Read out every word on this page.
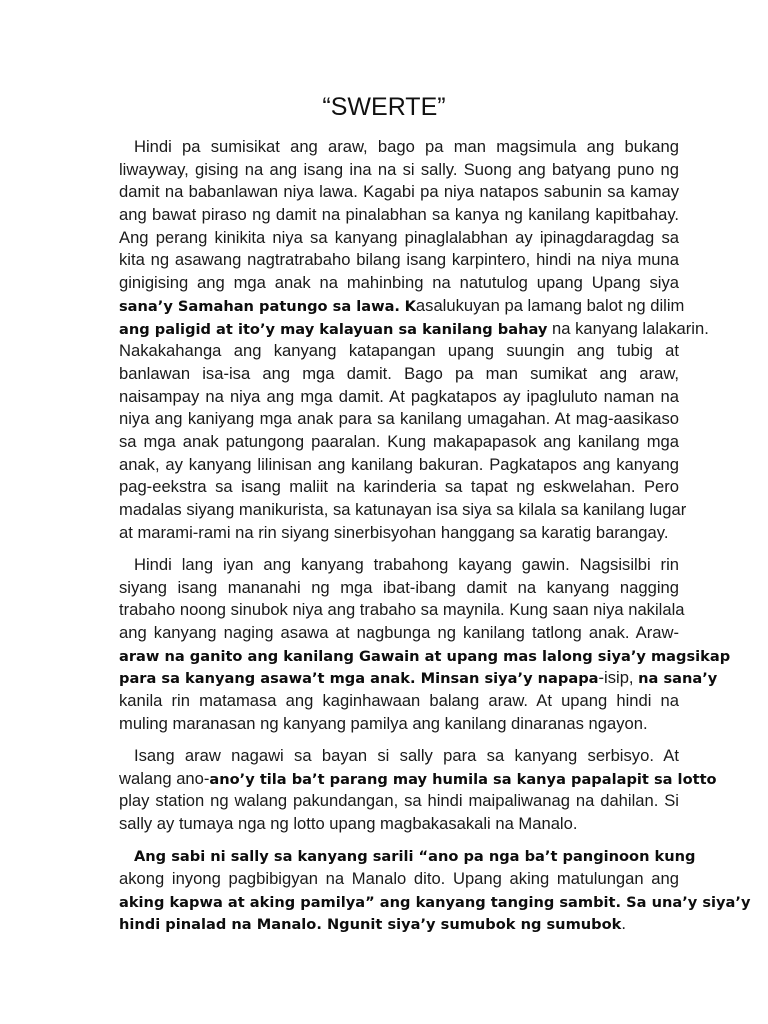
“SWERTE”
Hindi pa sumisikat ang araw, bago pa man magsimula ang bukang
liwayway, gising na ang isang ina na si sally. Suong ang batyang puno ng
damit na babanlawan niya lawa. Kagabi pa niya natapos sabunin sa kamay
ang bawat piraso ng damit na pinalabhan sa kanya ng kanilang kapitbahay.
Ang perang kinikita niya sa kanyang pinaglalabhan ay ipinagdaragdag sa
kita ng asawang nagtratrabaho bilang isang karpintero, hindi na niya muna
ginigising ang mga anak na mahinbing na natutulog upang Upang siya
sana’y Samahan patungo sa lawa. Kasalukuyan pa lamang balot ng dilim
ang paligid at ito’y may kalayuan sa kanilang bahay na kanyang lalakarin.
Nakakahanga ang kanyang katapangan upang suungin ang tubig at
banlawan isa-isa ang mga damit. Bago pa man sumikat ang araw,
naisampay na niya ang mga damit. At pagkatapos ay ipagluluto naman na
niya ang kaniyang mga anak para sa kanilang umagahan. At mag-aasikaso
sa mga anak patungong paaralan. Kung makapapasok ang kanilang mga
anak, ay kanyang lilinisan ang kanilang bakuran. Pagkatapos ang kanyang
pag-eekstra sa isang maliit na karinderia sa tapat ng eskwelahan. Pero
madalas siyang manikurista, sa katunayan isa siya sa kilala sa kanilang lugar
at marami-rami na rin siyang sinerbisyohan hanggang sa karatig barangay.
Hindi lang iyan ang kanyang trabahong kayang gawin. Nagsisilbi rin
siyang isang mananahi ng mga ibat-ibang damit na kanyang nagging
trabaho noong sinubok niya ang trabaho sa maynila. Kung saan niya nakilala
ang kanyang naging asawa at nagbunga ng kanilang tatlong anak. Araw-
araw na ganito ang kanilang Gawain at upang mas lalong siya’y magsikap
para sa kanyang asawa’t mga anak. Minsan siya’y napapa-isip, na sana’y
kanila rin matamasa ang kaginhawaan balang araw. At upang hindi na
muling maranasan ng kanyang pamilya ang kanilang dinaranas ngayon.
Isang araw nagawi sa bayan si sally para sa kanyang serbisyo. At
walang ano-ano’y tila ba’t parang may humila sa kanya papalapit sa lotto
play station ng walang pakundangan, sa hindi maipaliwanag na dahilan. Si
sally ay tumaya nga ng lotto upang magbakasakali na Manalo.
Ang sabi ni sally sa kanyang sarili “ano pa nga ba’t panginoon kung
akong inyong pagbibigyan na Manalo dito. Upang aking matulungan ang
aking kapwa at aking pamilya” ang kanyang tanging sambit. Sa una’y siya’y
hindi pinalad na Manalo. Ngunit siya’y sumubok ng sumubok.
